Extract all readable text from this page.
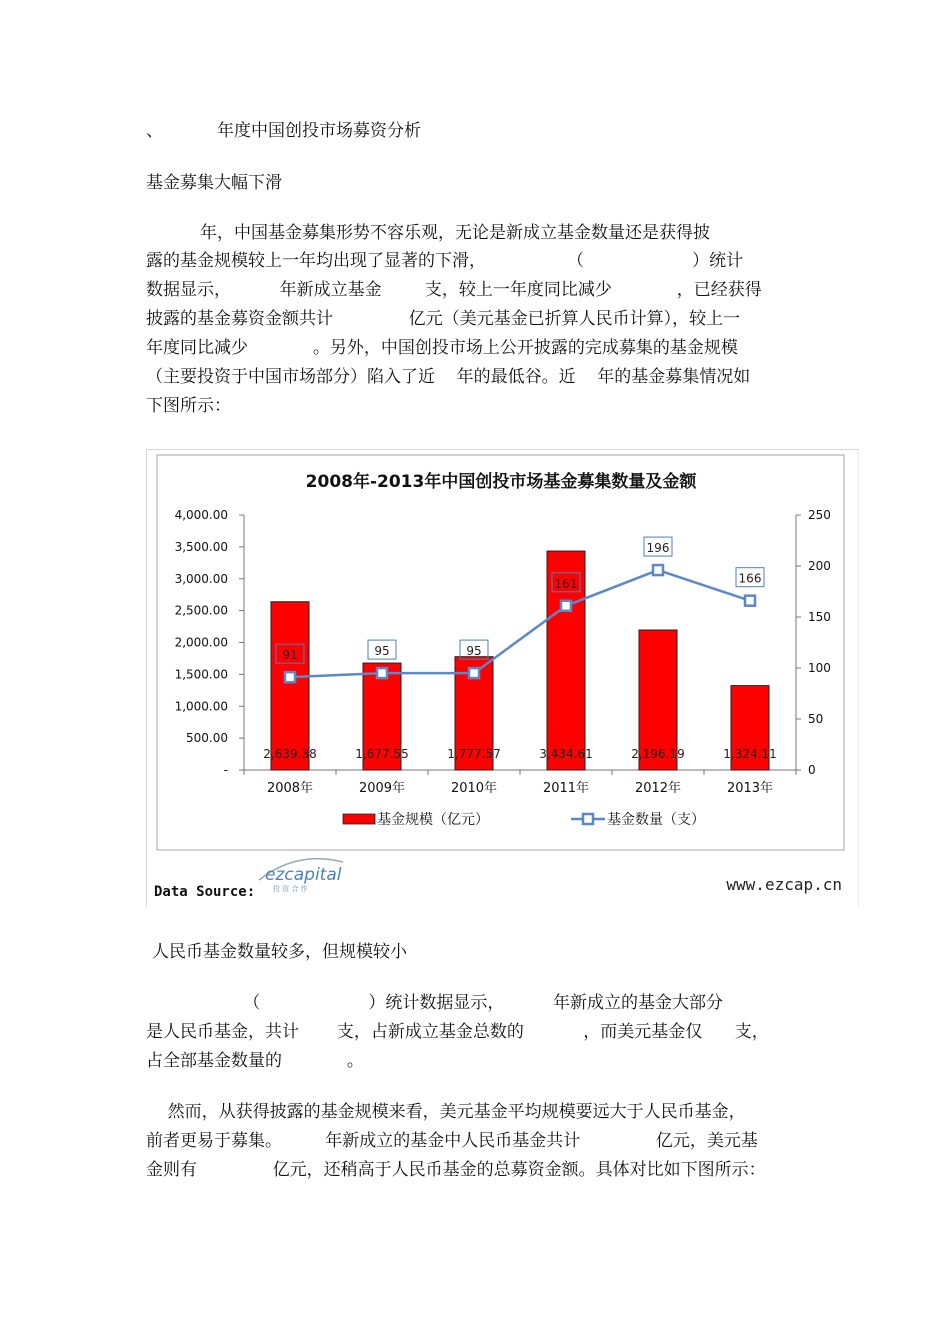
、          年度中国创投市场募资分析
基金募集大幅下滑
年，中国基金募集形势不容乐观，无论是新成立基金数量还是获得披
露的基金规模较上一年均出现了显著的下滑，               （                    ）统计
数据显示，         年新成立基金        支，较上一年度同比减少            ，已经获得
披露的基金募资金额共计              亿元（美元基金已折算人民币计算），较上一
年度同比减少            。另外，中国创投市场上公开披露的完成募集的基金规模
（主要投资于中国市场部分）陷入了近    年的最低谷。近    年的基金募集情况如
下图所示：
2008年-2013年中国创投市场基金募集数量及金额
-
500.00
1,000.00
1,500.00
2,000.00
2,500.00
3,000.00
3,500.00
4,000.00
0
50
100
150
200
250
2,639.38	1,677.55	1,777.57	3,434.61	2,196.19	1,324.11
91	95	95
161
196
166
2008年	2009年	2010年	2011年	2012年	2013年
基金规模（亿元）	基金数量（支）
Data Source:
ezcapital
投 资 合 作	www.ezcap.cn
人民币基金数量较多，但规模较小
（                    ）统计数据显示，         年新成立的基金大部分
是人民币基金，共计       支，占新成立基金总数的           ，而美元基金仅      支，
占全部基金数量的            。
然而，从获得披露的基金规模来看，美元基金平均规模要远大于人民币基金，
前者更易于募集。        年新成立的基金中人民币基金共计              亿元，美元基
金则有              亿元，还稍高于人民币基金的总募资金额。具体对比如下图所示：
